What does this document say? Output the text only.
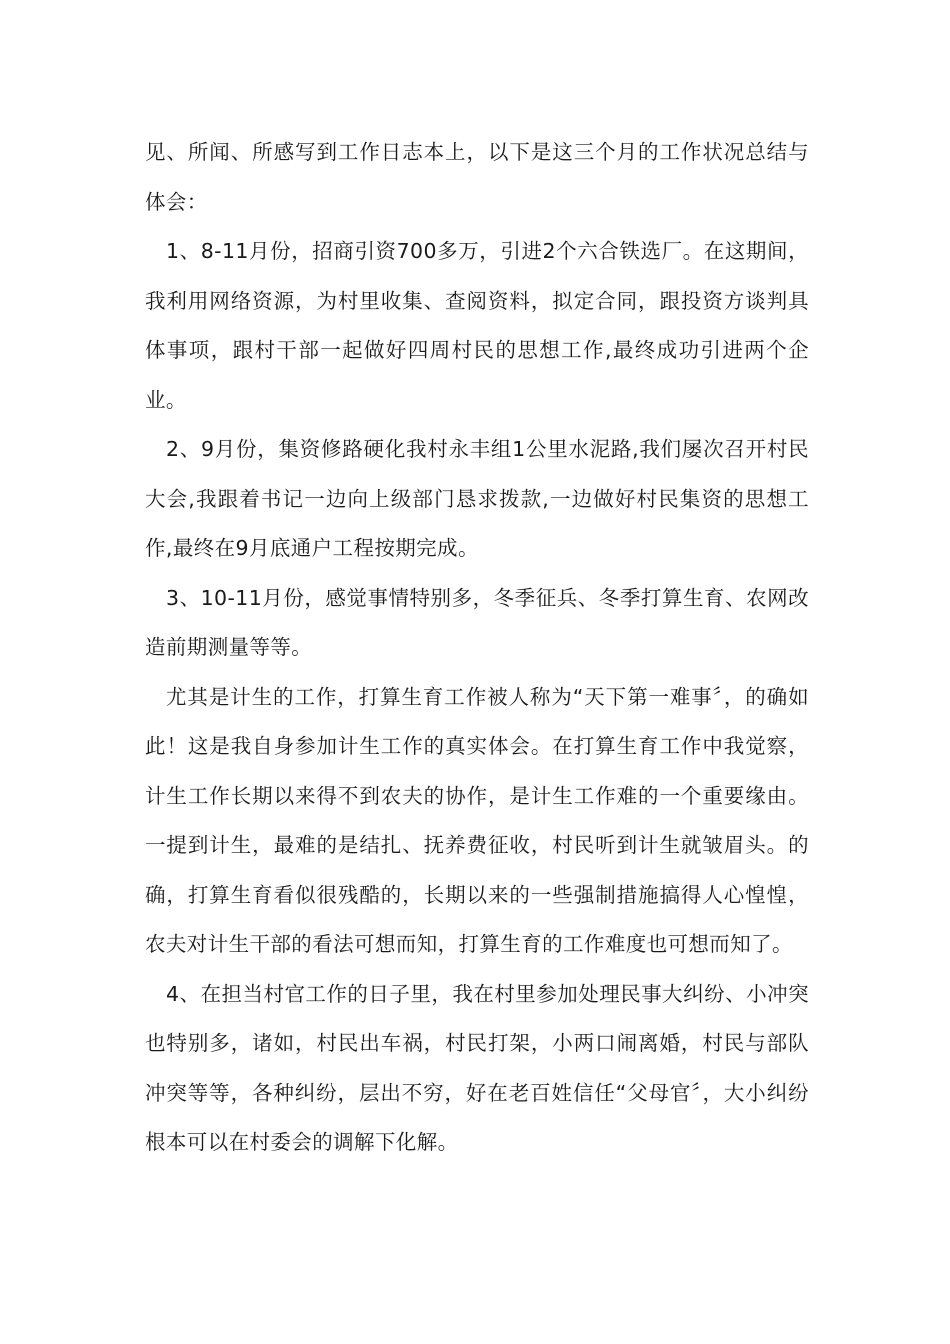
见、所闻、所感写到工作日志本上，以下是这三个月的工作状况总结与体会：

1、8-11月份，招商引资700多万，引进2个六合铁选厂。在这期间，我利用网络资源，为村里收集、查阅资料，拟定合同，跟投资方谈判具体事项，跟村干部一起做好四周村民的思想工作,最终成功引进两个企业。

2、9月份，集资修路硬化我村永丰组1公里水泥路,我们屡次召开村民大会,我跟着书记一边向上级部门恳求拨款,一边做好村民集资的思想工作,最终在9月底通户工程按期完成。

3、10-11月份，感觉事情特别多，冬季征兵、冬季打算生育、农网改造前期测量等等。

尤其是计生的工作，打算生育工作被人称为“天下第一难事〞，的确如此！这是我自身参加计生工作的真实体会。在打算生育工作中我觉察，计生工作长期以来得不到农夫的协作，是计生工作难的一个重要缘由。一提到计生，最难的是结扎、抚养费征收，村民听到计生就皱眉头。的确，打算生育看似很残酷的，长期以来的一些强制措施搞得人心惶惶，农夫对计生干部的看法可想而知，打算生育的工作难度也可想而知了。

4、在担当村官工作的日子里，我在村里参加处理民事大纠纷、小冲突也特别多，诸如，村民出车祸，村民打架，小两口闹离婚，村民与部队冲突等等，各种纠纷，层出不穷，好在老百姓信任“父母官〞，大小纠纷根本可以在村委会的调解下化解。
